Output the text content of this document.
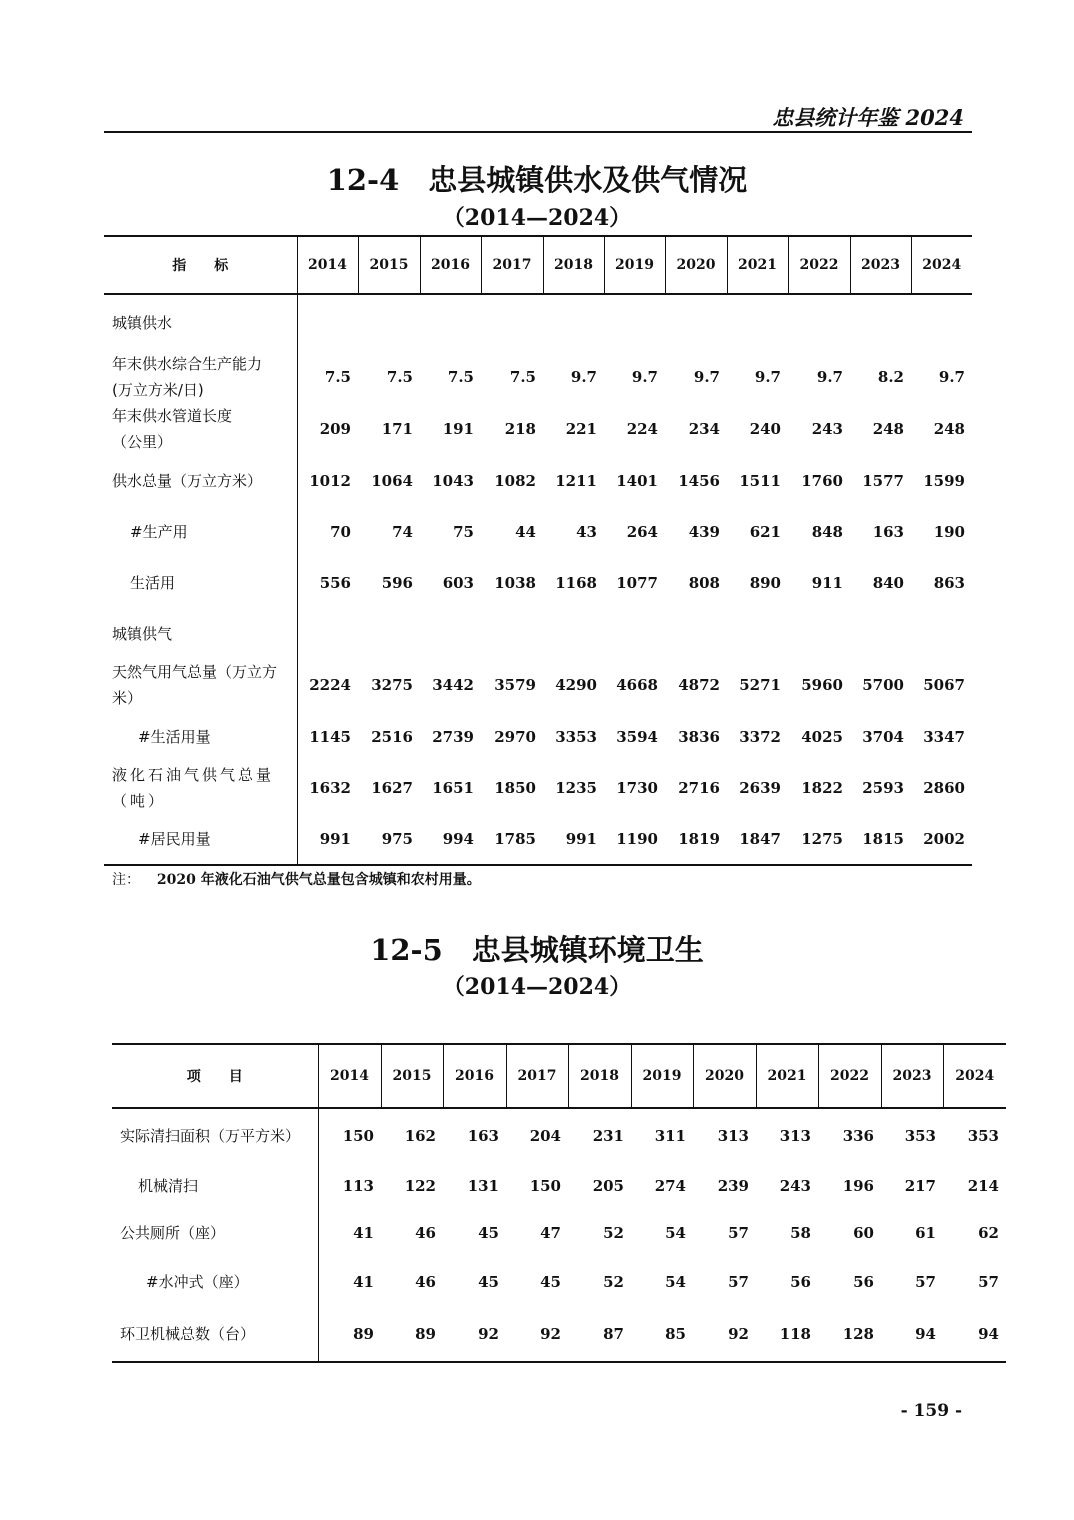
忠县统计年鉴 2024
12-4　忠县城镇供水及供气情况
（2014—2024）
指　　标	2014	2015	2016	2017	2018	2019	2020	2021	2022	2023	2024
城镇供水											
年末供水综合生产能力
(万立方米/日)	7.5	7.5	7.5	7.5	9.7	9.7	9.7	9.7	9.7	8.2	9.7
年末供水管道长度
（公里）	209	171	191	218	221	224	234	240	243	248	248
供水总量（万立方米）	1012	1064	1043	1082	1211	1401	1456	1511	1760	1577	1599
#生产用	70	74	75	44	43	264	439	621	848	163	190
生活用	556	596	603	1038	1168	1077	808	890	911	840	863
城镇供气											
天然气用气总量（万立方
米）	2224	3275	3442	3579	4290	4668	4872	5271	5960	5700	5067
#生活用量	1145	2516	2739	2970	3353	3594	3836	3372	4025	3704	3347
液化石油气供气总量
（吨）	1632	1627	1651	1850	1235	1730	2716	2639	1822	2593	2860
#居民用量	991	975	994	1785	991	1190	1819	1847	1275	1815	2002
注： 2020 年液化石油气供气总量包含城镇和农村用量。
12-5　忠县城镇环境卫生
（2014—2024）
项　　目	2014	2015	2016	2017	2018	2019	2020	2021	2022	2023	2024
实际清扫面积（万平方米）	150	162	163	204	231	311	313	313	336	353	353
机械清扫	113	122	131	150	205	274	239	243	196	217	214
公共厕所（座）	41	46	45	47	52	54	57	58	60	61	62
#水冲式（座）	41	46	45	45	52	54	57	56	56	57	57
环卫机械总数（台）	89	89	92	92	87	85	92	118	128	94	94
- 159 -
